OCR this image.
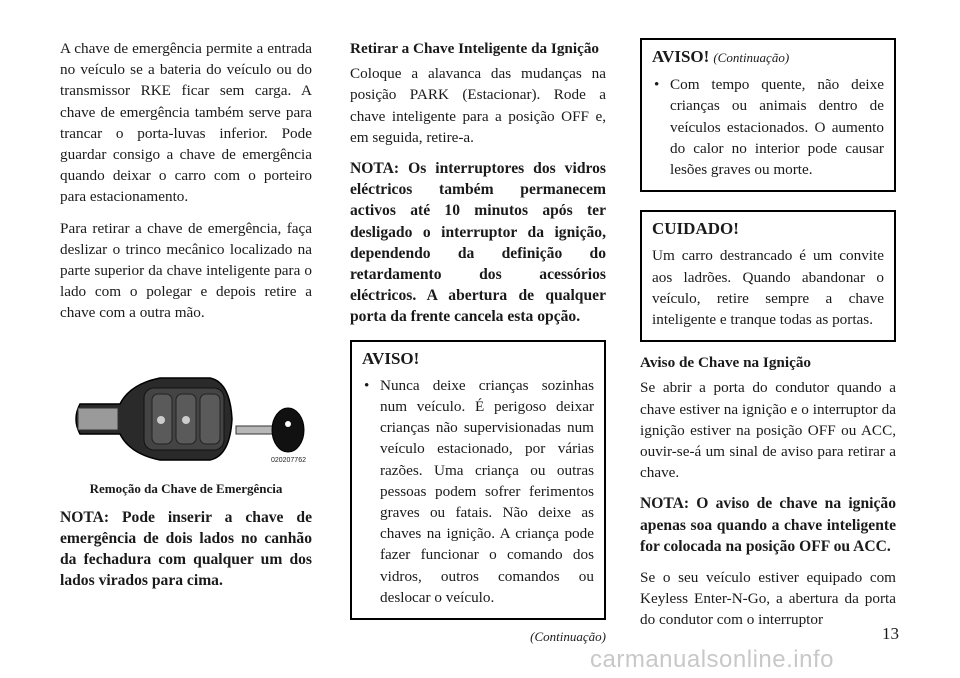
A chave de emergência permite a entrada no veículo se a bateria do veículo ou do transmissor RKE ficar sem carga. A chave de emergência também serve para trancar o porta-luvas inferior. Pode guardar consigo a chave de emergência quando deixar o carro com o porteiro para estacionamento.

Para retirar a chave de emergência, faça deslizar o trinco mecânico localizado na parte superior da chave inteligente para o lado com o polegar e depois retire a chave com a outra mão.

020207762
Remoção da Chave de Emergência

NOTA: Pode inserir a chave de emergência de dois lados no canhão da fechadura com qualquer um dos lados virados para cima.

Retirar a Chave Inteligente da Ignição

Coloque a alavanca das mudanças na posição PARK (Estacionar). Rode a chave inteligente para a posição OFF e, em seguida, retire-a.

NOTA: Os interruptores dos vidros eléctricos também permanecem activos até 10 minutos após ter desligado o interruptor da ignição, dependendo da definição do retardamento dos acessórios eléctricos. A abertura de qualquer porta da frente cancela esta opção.

AVISO!
• Nunca deixe crianças sozinhas num veículo. É perigoso deixar crianças não supervisionadas num veículo estacionado, por várias razões. Uma criança ou outras pessoas podem sofrer ferimentos graves ou fatais. Não deixe as chaves na ignição. A criança pode fazer funcionar o comando dos vidros, outros comandos ou deslocar o veículo.
(Continuação)
AVISO! (Continuação)
• Com tempo quente, não deixe crianças ou animais dentro de veículos estacionados. O aumento do calor no interior pode causar lesões graves ou morte.
CUIDADO!

Um carro destrancado é um convite aos ladrões. Quando abandonar o veículo, retire sempre a chave inteligente e tranque todas as portas.

Aviso de Chave na Ignição

Se abrir a porta do condutor quando a chave estiver na ignição e o interruptor da ignição estiver na posição OFF ou ACC, ouvir-se-á um sinal de aviso para retirar a chave.

NOTA: O aviso de chave na ignição apenas soa quando a chave inteligente for colocada na posição OFF ou ACC.

Se o seu veículo estiver equipado com Keyless Enter-N-Go, a abertura da porta do condutor com o interruptor

13
carmanualsonline.info
